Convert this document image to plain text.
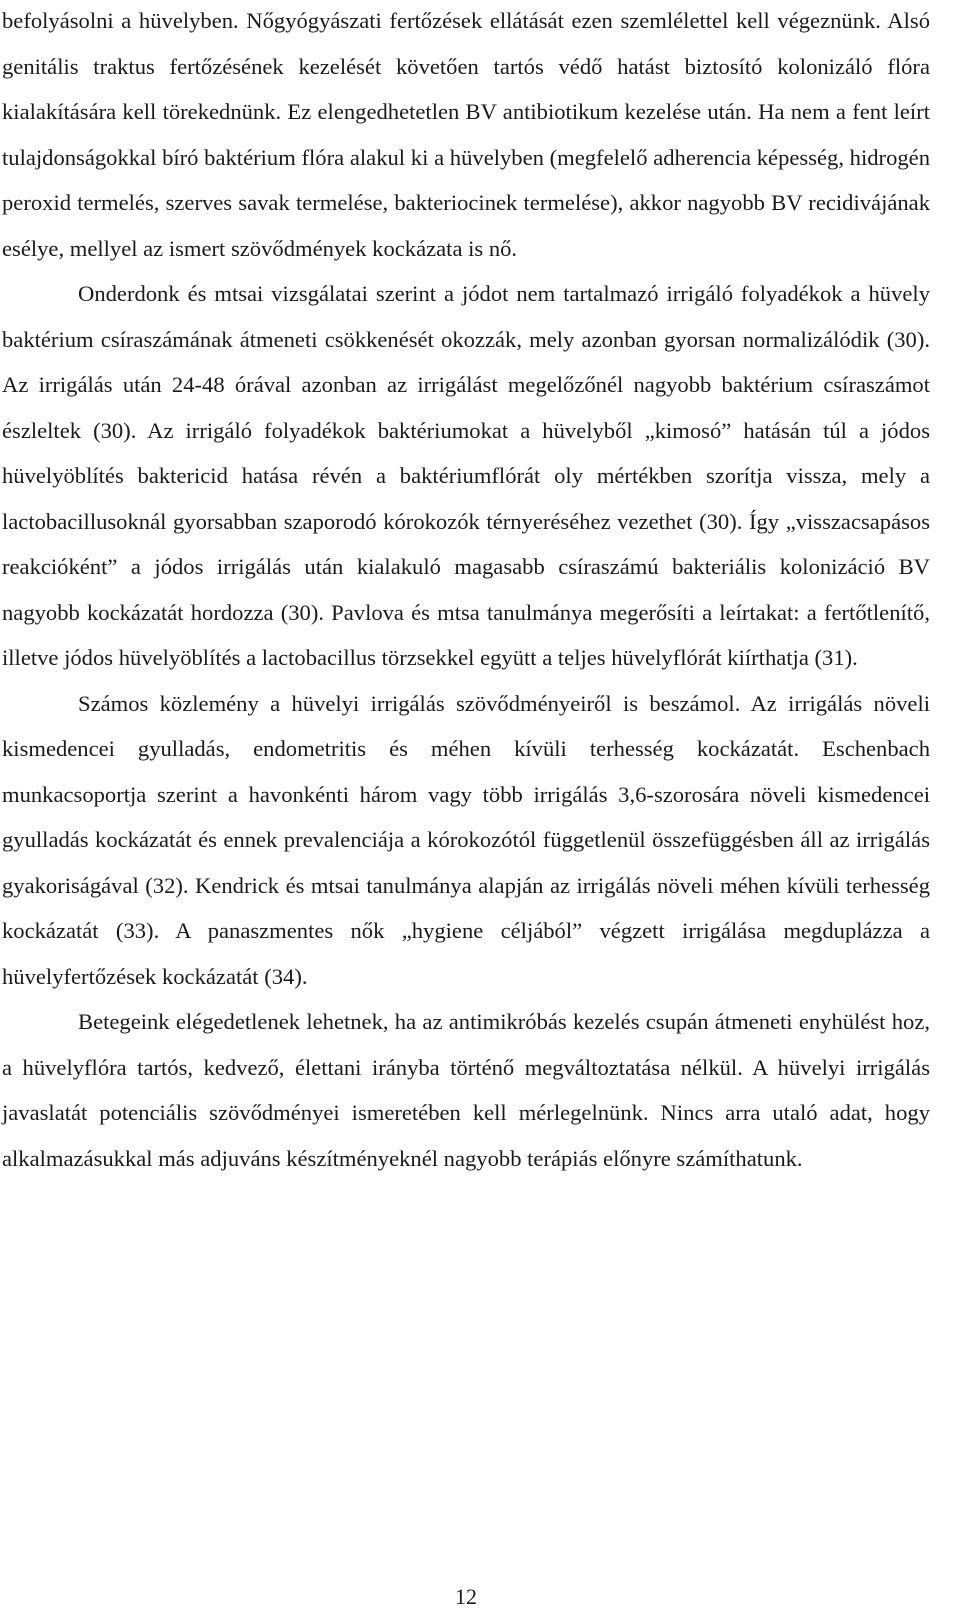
befolyásolni a hüvelyben. Nőgyógyászati fertőzések ellátását ezen szemlélettel kell végeznünk. Alsó genitális traktus fertőzésének kezelését követően tartós védő hatást biztosító kolonizáló flóra kialakítására kell törekednünk. Ez elengedhetetlen BV antibiotikum kezelése után. Ha nem a fent leírt tulajdonságokkal bíró baktérium flóra alakul ki a hüvelyben (megfelelő adherencia képesség, hidrogén peroxid termelés, szerves savak termelése, bakteriocinek termelése), akkor nagyobb BV recidivájának esélye, mellyel az ismert szövődmények kockázata is nő.

Onderdonk és mtsai vizsgálatai szerint a jódot nem tartalmazó irrigáló folyadékok a hüvely baktérium csíraszámának átmeneti csökkenését okozzák, mely azonban gyorsan normalizálódik (30). Az irrigálás után 24-48 órával azonban az irrigálást megelőzőnél nagyobb baktérium csíraszámot észleltek (30). Az irrigáló folyadékok baktériumokat a hüvelyből „kimosó” hatásán túl a jódos hüvelyöblítés baktericid hatása révén a baktériumflórát oly mértékben szorítja vissza, mely a lactobacillusoknál gyorsabban szaporodó kórokozók térnyeréséhez vezethet (30). Így „visszacsapásos reakcióként” a jódos irrigálás után kialakuló magasabb csíraszámú bakteriális kolonizáció BV nagyobb kockázatát hordozza (30). Pavlova és mtsa tanulmánya megerősíti a leírtakat: a fertőtlenítő, illetve jódos hüvelyöblítés a lactobacillus törzsekkel együtt a teljes hüvelyflórát kiírthatja (31).

Számos közlemény a hüvelyi irrigálás szövődményeiről is beszámol. Az irrigálás növeli kismedencei gyulladás, endometritis és méhen kívüli terhesség kockázatát. Eschenbach munkacsoportja szerint a havonkénti három vagy több irrigálás 3,6-szorosára növeli kismedencei gyulladás kockázatát és ennek prevalenciája a kórokozótól függetlenül összefüggésben áll az irrigálás gyakoriságával (32). Kendrick és mtsai tanulmánya alapján az irrigálás növeli méhen kívüli terhesség kockázatát (33). A panaszmentes nők „hygiene céljából” végzett irrigálása megduplázza a hüvelyfertőzések kockázatát (34).

Betegeink elégedetlenek lehetnek, ha az antimikróbás kezelés csupán átmeneti enyhülést hoz, a hüvelyflóra tartós, kedvező, élettani irányba történő megváltoztatása nélkül. A hüvelyi irrigálás javaslatát potenciális szövődményei ismeretében kell mérlegelnünk. Nincs arra utaló adat, hogy alkalmazásukkal más adjuváns készítményeknél nagyobb terápiás előnyre számíthatunk.

12
